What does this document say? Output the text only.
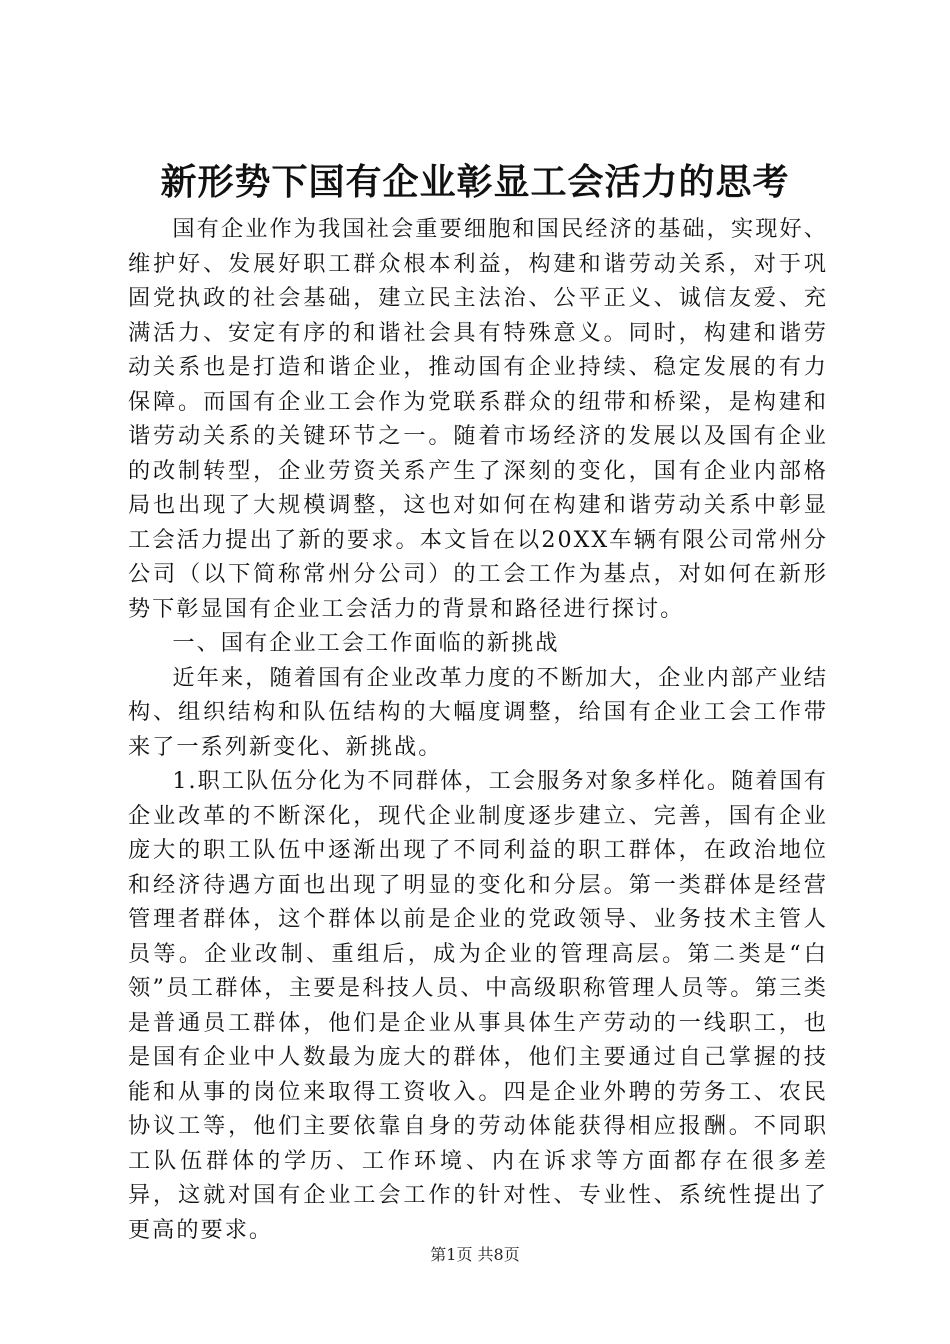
新形势下国有企业彰显工会活力的思考

国有企业作为我国社会重要细胞和国民经济的基础，实现好、维护好、发展好职工群众根本利益，构建和谐劳动关系，对于巩固党执政的社会基础，建立民主法治、公平正义、诚信友爱、充满活力、安定有序的和谐社会具有特殊意义。同时，构建和谐劳动关系也是打造和谐企业，推动国有企业持续、稳定发展的有力保障。而国有企业工会作为党联系群众的纽带和桥梁，是构建和谐劳动关系的关键环节之一。随着市场经济的发展以及国有企业的改制转型，企业劳资关系产生了深刻的变化，国有企业内部格局也出现了大规模调整，这也对如何在构建和谐劳动关系中彰显工会活力提出了新的要求。本文旨在以20XX车辆有限公司常州分公司（以下简称常州分公司）的工会工作为基点，对如何在新形势下彰显国有企业工会活力的背景和路径进行探讨。

一、国有企业工会工作面临的新挑战

近年来，随着国有企业改革力度的不断加大，企业内部产业结构、组织结构和队伍结构的大幅度调整，给国有企业工会工作带来了一系列新变化、新挑战。

1.职工队伍分化为不同群体，工会服务对象多样化。随着国有企业改革的不断深化，现代企业制度逐步建立、完善，国有企业庞大的职工队伍中逐渐出现了不同利益的职工群体，在政治地位和经济待遇方面也出现了明显的变化和分层。第一类群体是经营管理者群体，这个群体以前是企业的党政领导、业务技术主管人员等。企业改制、重组后，成为企业的管理高层。第二类是“白领”员工群体，主要是科技人员、中高级职称管理人员等。第三类是普通员工群体，他们是企业从事具体生产劳动的一线职工，也是国有企业中人数最为庞大的群体，他们主要通过自己掌握的技能和从事的岗位来取得工资收入。四是企业外聘的劳务工、农民协议工等，他们主要依靠自身的劳动体能获得相应报酬。不同职工队伍群体的学历、工作环境、内在诉求等方面都存在很多差异，这就对国有企业工会工作的针对性、专业性、系统性提出了更高的要求。

第1页 共8页
